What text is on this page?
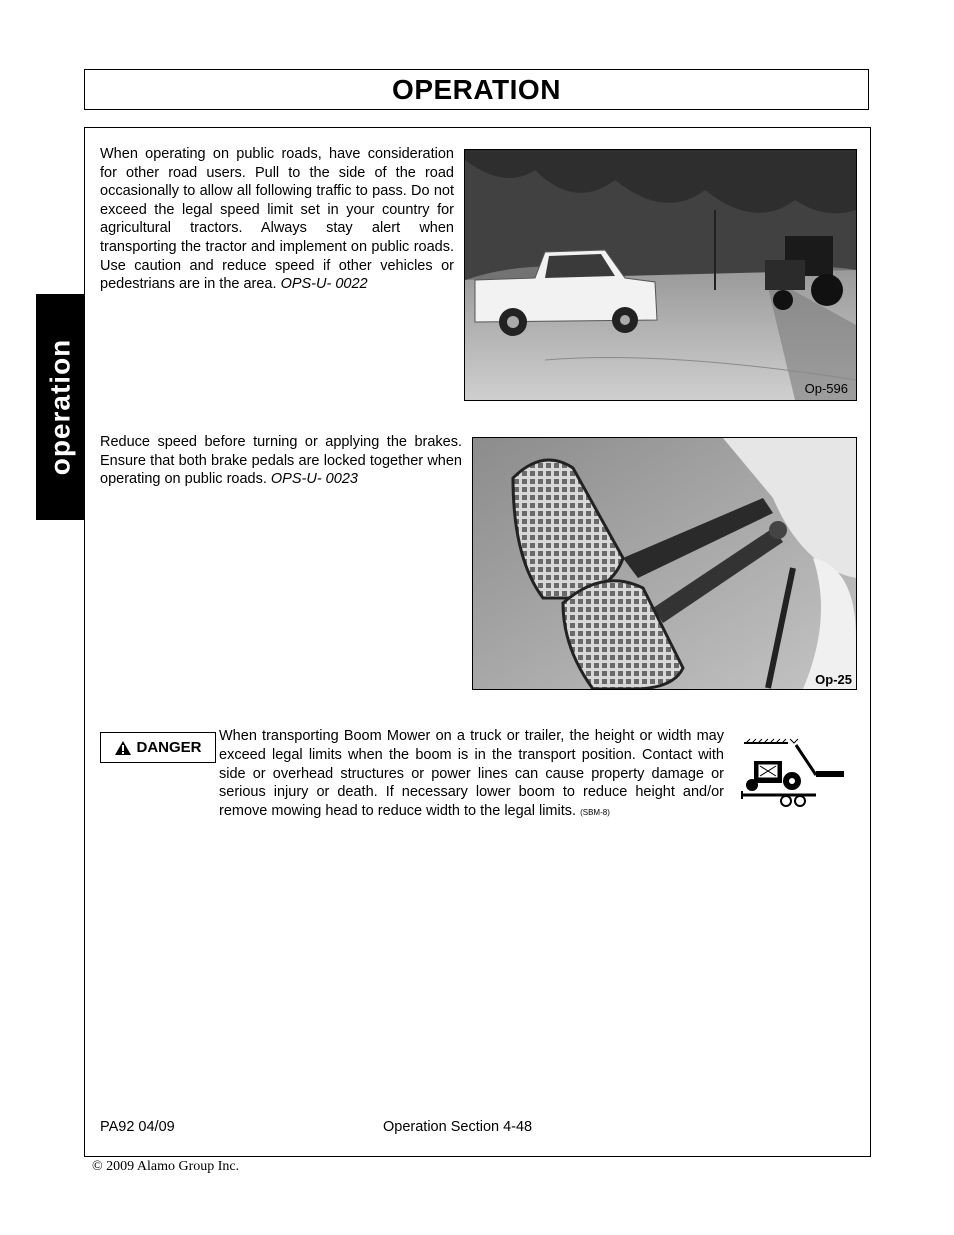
OPERATION
operation

When operating on public roads, have consideration for other road users. Pull to the side of the road occasionally to allow all following traffic to pass. Do not exceed the legal speed limit set in your country for agricultural tractors. Always stay alert when transporting the tractor and implement on public roads. Use caution and reduce speed if other vehicles or pedestrians are in the area. OPS-U- 0022

Op-596

Reduce speed before turning or applying the brakes. Ensure that both brake pedals are locked together when operating on public roads. OPS-U- 0023

Op-25
DANGER

When transporting Boom Mower on a truck or trailer, the height or width may exceed legal limits when the boom is in the transport position. Contact with side or overhead structures or power lines can cause property damage or serious injury or death. If necessary lower boom to reduce height and/or remove mowing head to reduce width to the legal limits. (SBM-8)

PA92 04/09	Operation Section 4-48
© 2009 Alamo Group Inc.
